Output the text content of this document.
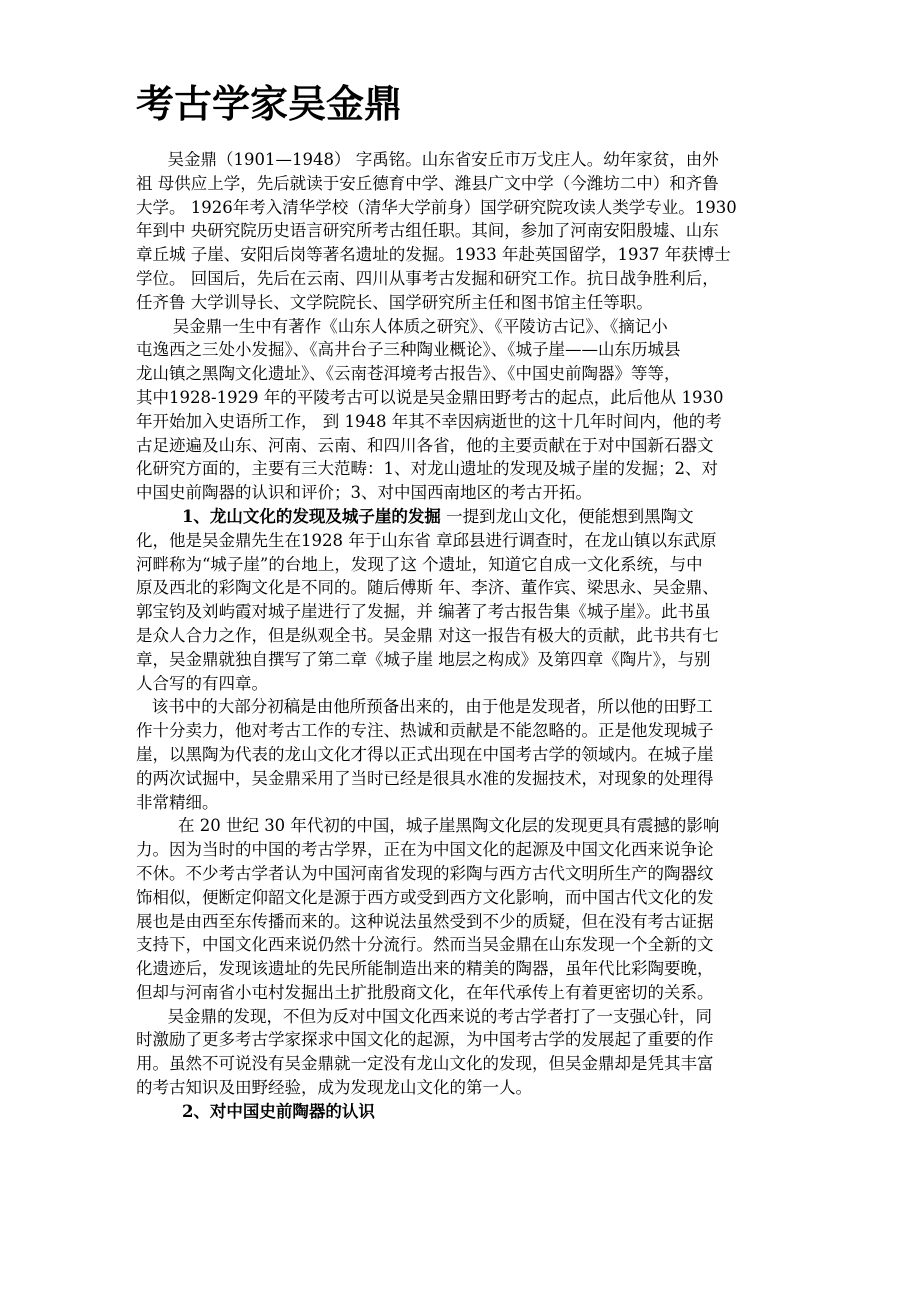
考古学家吴金鼎
吴金鼎（1901—1948） 字禹铭。山东省安丘市万戈庄人。幼年家贫，由外
祖 母供应上学，先后就读于安丘德育中学、潍县广文中学（今潍坊二中）和齐鲁
大学。 1926年考入清华学校（清华大学前身）国学研究院攻读人类学专业。1930
年到中 央研究院历史语言研究所考古组任职。其间，参加了河南安阳殷墟、山东
章丘城 子崖、安阳后岗等著名遗址的发掘。1933 年赴英国留学，1937 年获博士
学位。 回国后，先后在云南、四川从事考古发掘和研究工作。抗日战争胜利后，
任齐鲁 大学训导长、文学院院长、国学研究所主任和图书馆主任等职。
吴金鼎一生中有著作《山东人体质之研究》、《平陵访古记》、《摘记小
屯逸西之三处小发掘》、《高井台子三种陶业概论》、《城子崖——山东历城县
龙山镇之黑陶文化遗址》、《云南苍洱境考古报告》、《中国史前陶器》等等，
其中1928-1929 年的平陵考古可以说是吴金鼎田野考古的起点，此后他从 1930
年开始加入史语所工作， 到 1948 年其不幸因病逝世的这十几年时间内，他的考
古足迹遍及山东、河南、云南、和四川各省，他的主要贡献在于对中国新石器文
化研究方面的，主要有三大范畴：1、对龙山遗址的发现及城子崖的发掘；2、对
中国史前陶器的认识和评价；3、对中国西南地区的考古开拓。
1、龙山文化的发现及城子崖的发掘 一提到龙山文化，便能想到黑陶文
化，他是吴金鼎先生在1928 年于山东省 章邱县进行调查时，在龙山镇以东武原
河畔称为“城子崖”的台地上，发现了这 个遗址，知道它自成一文化系统，与中
原及西北的彩陶文化是不同的。随后傅斯 年、李济、董作宾、梁思永、吴金鼎、
郭宝钧及刘屿霞对城子崖进行了发掘，并 编著了考古报告集《城子崖》。此书虽
是众人合力之作，但是纵观全书。吴金鼎 对这一报告有极大的贡献，此书共有七
章，吴金鼎就独自撰写了第二章《城子崖 地层之构成》及第四章《陶片》，与别
人合写的有四章。
该书中的大部分初稿是由他所预备出来的，由于他是发现者，所以他的田野工
作十分卖力，他对考古工作的专注、热诚和贡献是不能忽略的。正是他发现城子
崖，以黑陶为代表的龙山文化才得以正式出现在中国考古学的领域内。在城子崖
的两次试掘中，吴金鼎采用了当时已经是很具水准的发掘技术，对现象的处理得
非常精细。
在 20 世纪 30 年代初的中国，城子崖黑陶文化层的发现更具有震撼的影响
力。因为当时的中国的考古学界，正在为中国文化的起源及中国文化西来说争论
不休。不少考古学者认为中国河南省发现的彩陶与西方古代文明所生产的陶器纹
饰相似，便断定仰韶文化是源于西方或受到西方文化影响，而中国古代文化的发
展也是由西至东传播而来的。这种说法虽然受到不少的质疑，但在没有考古证据
支持下，中国文化西来说仍然十分流行。然而当吴金鼎在山东发现一个全新的文
化遗迹后，发现该遗址的先民所能制造出来的精美的陶器，虽年代比彩陶要晚，
但却与河南省小屯村发掘出土扩批殷商文化，在年代承传上有着更密切的关系。
吴金鼎的发现，不但为反对中国文化西来说的考古学者打了一支强心针，同
时激励了更多考古学家探求中国文化的起源，为中国考古学的发展起了重要的作
用。虽然不可说没有吴金鼎就一定没有龙山文化的发现，但吴金鼎却是凭其丰富
的考古知识及田野经验，成为发现龙山文化的第一人。
2、对中国史前陶器的认识
